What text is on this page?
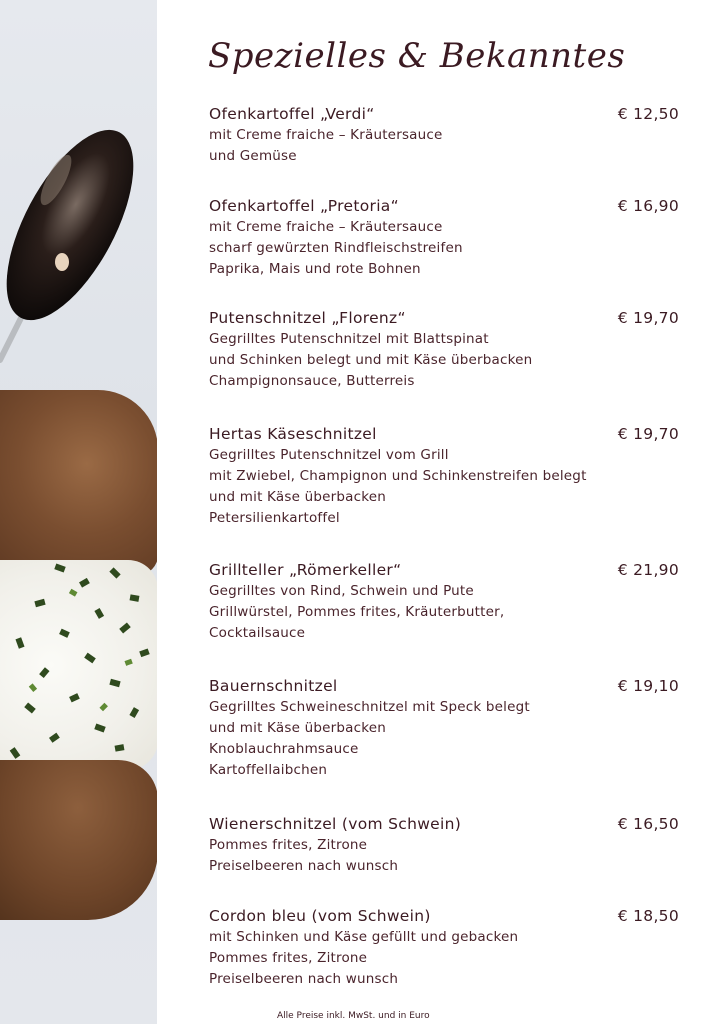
Spezielles & Bekanntes
Ofenkartoffel „Verdi“	€ 12,50
mit Creme fraiche – Kräutersauce
und Gemüse
Ofenkartoffel „Pretoria“	€ 16,90
mit Creme fraiche – Kräutersauce
scharf gewürzten Rindfleischstreifen
Paprika, Mais und rote Bohnen
Putenschnitzel „Florenz“	€ 19,70
Gegrilltes Putenschnitzel mit Blattspinat
und Schinken belegt und mit Käse überbacken
Champignonsauce, Butterreis
Hertas Käseschnitzel	€ 19,70
Gegrilltes Putenschnitzel vom Grill
mit Zwiebel, Champignon und Schinkenstreifen belegt
und mit Käse überbacken
Petersilienkartoffel
Grillteller „Römerkeller“	€ 21,90
Gegrilltes von Rind, Schwein und Pute
Grillwürstel, Pommes frites, Kräuterbutter,
Cocktailsauce
Bauernschnitzel	€ 19,10
Gegrilltes Schweineschnitzel mit Speck belegt
und mit Käse überbacken
Knoblauchrahmsauce
Kartoffellaibchen
Wienerschnitzel (vom Schwein)	€ 16,50
Pommes frites, Zitrone
Preiselbeeren nach wunsch
Cordon bleu (vom Schwein)	€ 18,50
mit Schinken und Käse gefüllt und gebacken
Pommes frites, Zitrone
Preiselbeeren nach wunsch
Alle Preise inkl. MwSt. und in Euro
